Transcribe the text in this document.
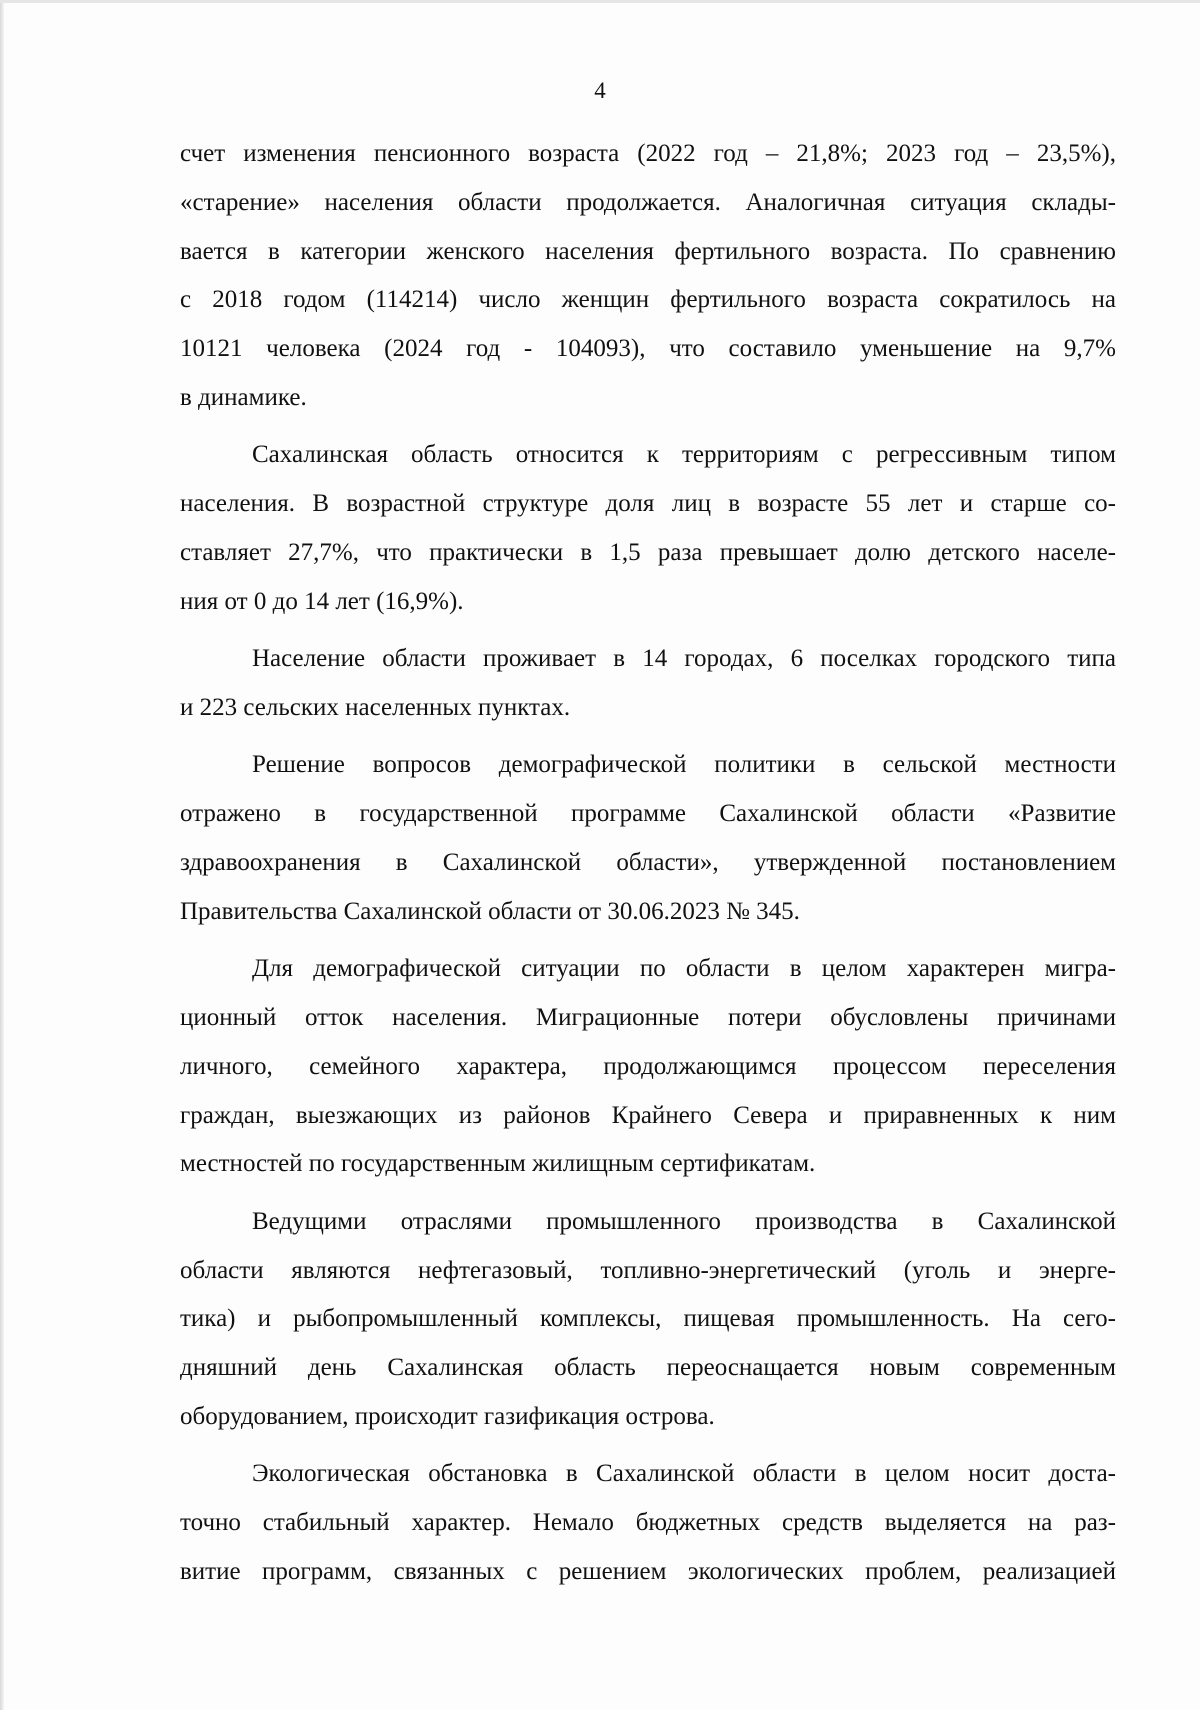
4

счет изменения пенсионного возраста (2022 год – 21,8%; 2023 год – 23,5%),
«старение» населения области продолжается. Аналогичная ситуация склады-
вается в категории женского населения фертильного возраста. По сравнению
с 2018 годом (114214) число женщин фертильного возраста сократилось на
10121 человека (2024 год - 104093), что составило уменьшение на 9,7%
в динамике.
Сахалинская область относится к территориям с регрессивным типом
населения. В возрастной структуре доля лиц в возрасте 55 лет и старше со-
ставляет 27,7%, что практически в 1,5 раза превышает долю детского населе-
ния от 0 до 14 лет (16,9%).
Население области проживает в 14 городах, 6 поселках городского типа
и 223 сельских населенных пунктах.
Решение вопросов демографической политики в сельской местности
отражено в государственной программе Сахалинской области «Развитие
здравоохранения в Сахалинской области», утвержденной постановлением
Правительства Сахалинской области от 30.06.2023 № 345.
Для демографической ситуации по области в целом характерен мигра-
ционный отток населения. Миграционные потери обусловлены причинами
личного, семейного характера, продолжающимся процессом переселения
граждан, выезжающих из районов Крайнего Севера и приравненных к ним
местностей по государственным жилищным сертификатам.
Ведущими отраслями промышленного производства в Сахалинской
области являются нефтегазовый, топливно-энергетический (уголь и энерге-
тика) и рыбопромышленный комплексы, пищевая промышленность. На сего-
дняшний день Сахалинская область переоснащается новым современным
оборудованием, происходит газификация острова.
Экологическая обстановка в Сахалинской области в целом носит доста-
точно стабильный характер. Немало бюджетных средств выделяется на раз-
витие программ, связанных с решением экологических проблем, реализацией
